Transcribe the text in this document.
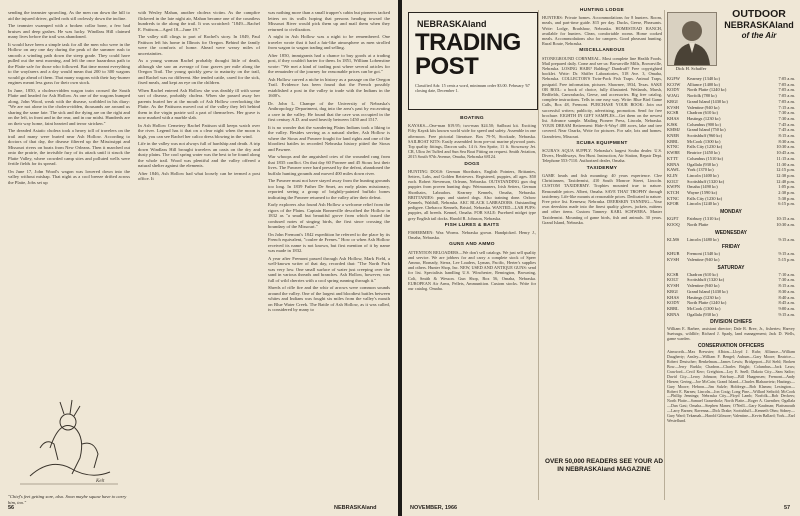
sending the teamster sprawling. As the men ran down the hill to aid the injured driver, gulled rods sifl owlessly down the incline.

The teamster swamped with a broken collar bone, a few bad bruises and deep gashes. He was lucky. Windlass Hill claimed many lives before the trail was abandoned.

It would have been a simple task for all the men who were in the Hollow on any one day during the peak of the summer rush to smooth a winding path down the steep grade. They could have pulled out the next morning, and left the once hazardous path to the Platte safe for those who followed. But time meant everything to the wayfarers and a day would mean that 200 to 300 wagons would go ahead of them. That many wagons with their hay-burner engines meant less grass for their own stock.

In June, 1850, a cholera-ridden wagon train crossed the South Platte and headed for Ash Hollow. As one of the wagons bumped along, John Wood, weak with the disease, scribbled in his diary: "We are not alone in the cholera-ridden, thousands are around us sharing the same fate. The sick and the dying are on the right and on the left, in front and in the rear, and in our midst. Hundreds are on their way home, faint hearted and terror stricken."

The dreaded Asiatic cholera took a heavy toll of travelers on the trail and many were buried near Ash Hollow. According to doctors of that day, the disease filtered up the Mississippi and Missouri rivers on boats from New Orleans. Then it marched out onto the prairie, the invisible fury of its attack until it struck the Platte Valley, where crowded camp sites and polluted wells were fertile fields for its spread.

On June 17, John Wood's wagon was lowered down into the valley without mishap. That night as a cool breeze drifted across the Platte, Jobs set up

with Wesley Mahan, another cholera victim. As the campfire flickered in the late night air, Mahan became one of the countless hundreds to die along the trail. It was scratched: "1849—Rachel E. Pattison—Aged 18—June 19."

The valley still clings to part of Rachel's story. In 1849, Paul Pattison left his home in Illinois for Oregon. Behind the family were the comforts of home. Ahead were weary miles of uncertainties.

As a young woman Rachel probably thought little of death, although she saw an average of four graves per mile along the Oregon Trail. The young quickly grew to maturity on the trail, and Rachel was no different. She tended cattle, cared for the sick, fixed meals, and kept an eye on the children.

When Rachel entered Ash Hollow she was deathly ill with some sort of disease, probably cholera. When she passed away her parents buried her at the mouth of Ash Hollow overlooking the Platte. As the Pattisons moved out of the valley they left behind them in the virgin prairie soil a part of themselves. Her grave is now marked with a marble slab.

In Ash Hollow Cemetery Rachel Pattison still keeps watch over the river. Legend has it that on a clear night when the moon is high, you can see Rachel her calico dress blowing in the wind.

Life in the valley was not always full of hardship and death. A trip down Windlass Hill brought travelers an oasis on the dry and dusty plains. The cool spring water was the best to be found along the whole trail. Wood was plentiful and the valley offered a natural shelter against the elements.

After 1846, Ash Hollow had what loosely can be termed a post office. It

was nothing more than a small trapper's cabin but pioneers tacked letters on its walls hoping that persons heading toward the Missouri River would pick them up and mail them when they returned to civilization.

A night in Ash Hollow was a night to be remembered. One traveler wrote that it had a fair-like atmosphere as men strolled from wagon to wagon trading and selling.

After 1850, immigrants had a chance to buy goods at a trading post, if they couldn't barter for them. In 1851, William Lobenstine wrote: "We met a kind of trading post where several articles for the remainder of the journey for reasonable prices can be got."

Ash Hollow carved a niche in history as a passage on the Oregon Trail. Evidence has been found that the French possibly established a post in the valley to trade with the Indians in the 1600's.

Dr. John L. Champe of the University of Nebraska's Anthropology Department, dug into the area's past by excavating a cave in the valley. He found that the cave was occupied in the first century A.D. and used heavily between 1450 and 1517.

It is no wonder that the wandering Plains Indians took a liking to the valley. Besides serving as a natural shelter, Ash Hollow is where the Sioux and Pawnee fought for land rights and one of the bloodiest battles in recorded Nebraska history pitted the Sioux and Pawnee.

War whoops and the anguished cries of the wounded rang from that 1835 conflict. On that day 60 Pawnee and 45 Sioux lost their lives. The Pawnee were hard pressed by the defeat, abandoned the buffalo hunting grounds and moved 400 miles down river.

The Pawnee must not have stayed away from the hunting grounds too long. In 1839 Father De Smet, an early plains missionary, reported seeing a group of brightly-painted buffalo bones indicating the Pawnee returned to the valley after their defeat.

Early explorers also found Ash Hollow a welcome relief from the rigors of the Plains. Captain Bonneville described the Hollow in 1832 as "a small but beautiful grove from which issued the confused notes of singing birds, the first since crossing the boundary of the Missouri."

On John Fremont's 1842 expedition he referred to the place by its French equivalent, "coulee de Frenes." How or when Ash Hollow received its name is not known, but first mention of it by name was made in 1832.

A year after Fremont passed through Ash Hollow, Mark Field, a well-known writer of that day, recorded that: "The North Fork was very low. One small surface of water just creeping over the sand in various threads and branches. Ash Hollow, however, was full of wild cherries with a cool spring running through it."

Shreds of rifle fire and the whir of arrows were common sounds around the valley. One of the largest and bloodiest battles between whites and Indians was fought six miles from the valley's mouth on Blue Water Creek. The Battle of Ash Hollow, as it was called, is considered by many to

Kelt
"Chief's feet getting sore, also. Soon maybe squaw have to carry him, too."
56	NEBRASKAland
NEBRASKAland
TRADING POST
Classified Ads: 15 cents a word, minimum order $3.00. February '67 closing date, December 1.
BOATING

KAYAKS—One-man $19.95; two-man $24.50; Sailboat kit. Exciting Fifty Kayak kits known world wide for speed and safety. Assemble in one afternoon. Free pictorial literature. Box 79-N, Stockade, Nebraska. SAILBOAT KITS: Easily assembled from pre-cut marine plywood parts. Top quality fittings, Dacron sails. 14 ft. Sea Sprite, 11 ft. Stowaway Jet. CR, Ultra Jet Tuffed and Sun Sea Boat Fitting on request. Smith Aviation, 2015 South 97th Avenue, Omaha, Nebraska 68124.

DOGS

HUNTING DOGS: German Shorthairs, English Pointers, Brittanies, Setters, Labs, and Golden Retrievers. Registered, puppies, all ages. $50 each. Robert Stevenson, Orleans, Nebraska. OUTSTANDING gun dog puppies from proven hunting dogs: Weimaraners, Irish Setters, German Shorthairs, Labradors. Kearney Kennels, Omaha, Nebraska. BRITTANIES: pups and started dogs. Also training done. Oxbow Kennels, Walthill, Nebraska. AKC BLACK LABRADORS. Outstanding pedigree. Chebacco Kennels, Bristol, Nebraska. WANTED—LAB PUPS: puppies, all breeds. Kennel, Omaha. FOR SALE: Purebred midget type grey English tail docks. Harold R. Johnson, Nebraska.

FISH LURES & BAITS

FISHERMEN: Wax Worms. Nebraska grown. Handpicked. Henry J., Omaha, Nebraska.

GUNS AND AMMO

ATTENTION RELOADERS—We don't sell catalogs. We just sell quality and service. We are jobbers for and carry a complete stock of Speer Ammo, Hornady, Sierra, Lee Loaders, Lyman, Pacific, Herter's supplies and others. Hunter Shop, Inc. NEW, USED AND ANTIQUE GUNS: send for list. Specialists handling U.S. Winchester, Remington, Browning, Colt, Smith & Wesson. Gun Shop, Box 56, Omaha, Nebraska. EUROPEAN Air Arms, Pellets, Ammunition. Custom stocks. Write for our catalog. Omaha.

HUNTING LODGE

HUNTERS: Private homes. Accommodations for 8 hunters. Room, meals, and part-time guide. $15 per day. Ducks, Geese, Pheasants. Write: Lodge, Bradshaw, Nebraska. HOMESTEAD RANCH, available for hunters. Clean, comfortable rooms. Home cooked meals. Accommodations also for campers. Good pheasant hunting. Rural Route, Nebraska.

MISCELLANEOUS

STONEGROUND CORNMEAL. Most complete line Health Foods. Mail prepared daily. Come and see us: Brownville Mills, Brownville, Nebraska. LOSING HAIR? Balding? Dandruff? Free copyrighted booklet. Write: Dr. Shiffer Laboratories, 518 Ave. 3, Omaha, Nebraska. COLLECTOR'S Twin-Pack Fish Traps. Animal Traps, postpaid. Free information, pictures. Shawnee, 3934, Texas. SAKE OR BOIL: a book of choice, fully illustrated. Wetlands, Marsh, Redfields, Canvasbacks, Geese, and accessories. Big free catalog, complete instructions. Tells in one easy way. Write: Blue Bird Game Calls, Box 48, Fremont. PURCHASE YOUR BOOK: Join our successful writers; publicity, advertising, promotion. Send for free brochure. EIGHTH IN GIFT SAMPLES—Get them on the newest list. Advance sample. Mailing Pioneer Press, Lincoln, Nebraska. YOUR DREAM Retirement: Hide-A-Way! 480 acres, lake and tree covered. Near Ozarks, Write for pictures. For sale, lots and homes. Grandview, Missouri.

SCUBA EQUIPMENT

SCUBA'S AQUA SUPPLY. Nebraska's largest Scuba dealer. U.S. Divers, Healthways, Sea Hunt. Instruction, Air Station, Repair Dept. Telephone 553-7110. Authorized dealer, Omaha.

TAXIDERMY

GAME heads and fish mounting: 40 years experience. Clee Christiansen, Taxidermist, 410 South Monroe Street, Lincoln. CUSTOM TAXIDERMY. Trophies mounted true to nature. Reasonable prices. Albert, Omaha. SAVE THAT TROPHY through taxidermy. Life-like mounts at reasonable prices. Dedicated to nature. Free price list. Kenesaw, Nebraska. DEERSKIN TANNING—Your own deerskins made into the finest quality gloves, jackets, mittens and other items. Custom Tannery. KARL SCHWERA. Master Taxidermist. Mounting of game birds, fish and animals. 30 years. Grand Island, Nebraska.

OVER 50,000 READERS SEE YOUR AD IN NEBRASKAland MAGAZINE
Dick H. Schaffer
OUTDOOR
NEBRASKAland
of the Air
KGFW	Kearney (1340 kc)	7:05 a.m.
KCOW	Alliance (1400 kc)	7:05 a.m.
KODY	North Platte (1240 kc)	7:05 a.m.
WJAG	Norfolk (780 kc)	7:05 a.m.
KRGI	Grand Island (1430 kc)	7:05 a.m.
KVSH	Valentine (940 kc)	7:15 a.m.
KCSR	Chadron (610 kc)	7:30 a.m.
KHAS	Hastings (1230 kc)	7:30 a.m.
KJSK	Columbus (900 kc)	7:45 a.m.
KMMJ	Grand Island (750 kc)	7:45 a.m.
KNEB	Scottsbluff (960 kc)	8:15 a.m.
KBRL	McCook (1300 kc)	8:30 a.m.
KTNC	Falls City (1230 kc)	10:30 a.m.
KWBE	Beatrice (1450 kc)	10:45 a.m.
KTTT	Columbus (1510 kc)	11:15 a.m.
KRNA	Ogallala (930 kc)	11:30 a.m.
KAWL	York (1370 kc)	12:15 p.m.
KLIN	Lincoln (1400 kc)	12:30 p.m.
KOLT	Scottsbluff (1320 kc)	12:40 p.m.
KWPN	Omaha (1490 kc)	1:05 p.m.
KTCH	Wayne (1590 kc)	2:30 p.m.
KTNC	Falls City (1230 kc)	5:30 p.m.
KFOR	Lincoln (1240 kc)	6:15 p.m.
MONDAY
KGFT	Fairbury (1310 kc)	10:15 a.m.
KOOQ	North Platte	10:30 a.m.
WEDNESDAY
KLMS	Lincoln (1480 kc)	9:15 a.m.
FRIDAY
KHUB	Fremont (1340 kc)	9:15 a.m.
KVSH	Valentine (940 kc)	5:15 p.m.
SATURDAY
KCSR	Chadron (610 kc)	7:10 a.m.
KOLT	Scottsbluff (1320 kc)	7:30 a.m.
KVSH	Valentine (940 kc)	8:15 a.m.
KRGI	Grand Island (1430 kc)	8:30 a.m.
KHAS	Hastings (1230 kc)	8:40 a.m.
KODY	North Platte (1240 kc)	8:45 a.m.
KBRL	McCook (1300 kc)	9:00 a.m.
KRNA	Ogallala (930 kc)	9:15 a.m.
DIVISION CHIEFS
William E. Barbee, assistant director; Dale R. Bree, Jr., fisheries; Harvey Suetsugu, wildlife; Richard J. Spady, land management; Jack D. Wells, game warden.
CONSERVATION OFFICERS
Ainsworth—Max Brewster; Albion—Lloyd J. Ruhr; Alliance—William Daugherty; Ansley—William F. Bengel; Auburn—Gary Moore; Beatrice—Robert Deutscher; Benkelman—James Lewis; Bridgeport—Ed Stehl; Broken Bow—Jerry Barkla; Chadron—Charles Bright; Columbus—Jack Laws; Crawford—Cecil Kerr; Creighton—Loy E. Snell; Dakota City—Sam Sailor; David City—Leroy Johnson; Fairbury—Bill Haagensen; Fremont—Andy Hiesen; Gering—Joe McCain; Grand Island—Charles Blahauvietz; Hastings—Gary Moore; Hebron—Jim Sulzle; Holdrege—Bob Klamm; Lexington—Robert E. Barnes; Lincoln—Jon Craig; Long Pine—Willard Seibold; McCook—Phillip Jennings; Nebraska City—Floyd Lamb; Norfolk—Bob Deckers; North Platte—Samuel Grauerholz; North Platte—Roger A. Guenther; Ogallala—Dan Gast; Omaha—Stephen Manes; O'Neill—Gary Kaufman; Plattsmouth—Larry Barnes; Ravenna—Dick Drake; Scottsbluff—Kenneth Ohm; Sidney—Gary Ward; Tekamah—Harold Gilmore; Valentine—Kevin Ballard; York—Earl Westeflund.
NOVEMBER, 1966	57
